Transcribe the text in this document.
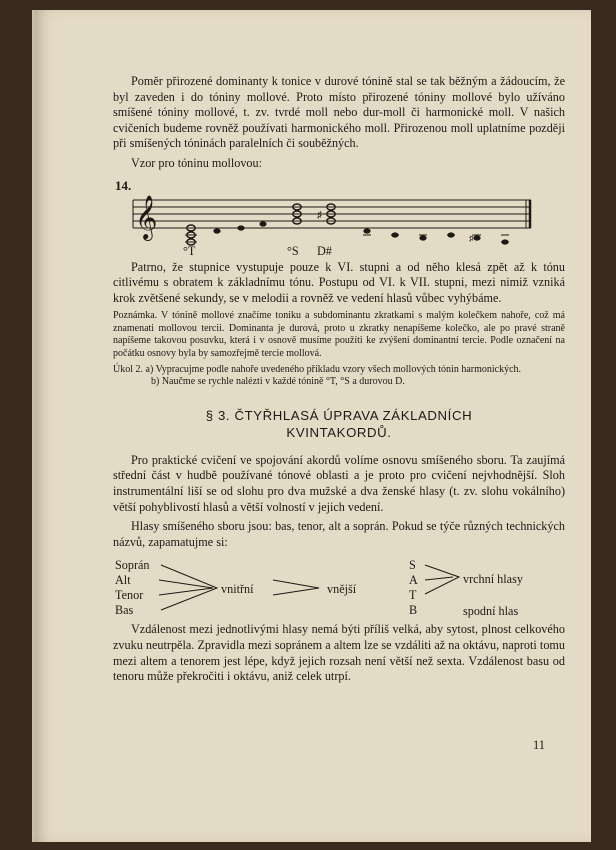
Poměr přirozené dominanty k tonice v durové tónině stal se tak běžným a žádoucím, že byl zaveden i do tóniny mollové. Proto místo přirozené tóniny mollové bylo užíváno smíšené tóniny mollové, t. zv. tvrdé moll nebo dur-moll či harmonické moll. V našich cvičeních budeme rovněž používati harmonického moll. Přirozenou moll uplatníme později při smíšených tóninách paralelních či souběžných.

Vzor pro tóninu mollovou:

14.
𝄞	♯
♯
°T	°S D#

Patrno, že stupnice vystupuje pouze k VI. stupni a od něho klesá zpět až k tónu citlivému s obratem k základnímu tónu. Postupu od VI. k VII. stupni, mezi nimiž vzniká krok zvětšené sekundy, se v melodii a rovněž ve vedení hlasů vůbec vyhýbáme.

Poznámka. V tónině mollové značíme toniku a subdominantu zkratkami s malým kolečkem nahoře, což má znamenati mollovou tercii. Dominanta je durová, proto u zkratky nenapíšeme kolečko, ale po pravé straně napíšeme takovou posuvku, která i v osnově musíme použíti ke zvýšení dominantní tercie. Podle označení na počátku osnovy byla by samozřejmě tercie mollová.

Úkol 2. a) Vypracujme podle nahoře uvedeného příkladu vzory všech mollových tónin harmonických.

b) Naučme se rychle nalézti v každé tónině °T, °S a durovou D.

§ 3. ČTYŘHLASÁ ÚPRAVA ZÁKLADNÍCH
KVINTAKORDŮ.

Pro praktické cvičení ve spojování akordů volíme osnovu smíšeného sboru. Ta zaujímá střední část v hudbě používané tónové oblasti a je proto pro cvičení nejvhodnější. Sloh instrumentální liší se od slohu pro dva mužské a dva ženské hlasy (t. zv. slohu vokálního) větší pohyblivostí hlasů a větší volností v jejich vedení.

Hlasy smíšeného sboru jsou: bas, tenor, alt a soprán. Pokud se týče různých technických názvů, zapamatujme si:

Soprán
Alt
Tenor
Bas
vnitřní	vnější
S
A
T
B
vrchní hlasy
spodní hlas

Vzdálenost mezi jednotlivými hlasy nemá býti příliš velká, aby sytost, plnost celkového zvuku neutrpěla. Zpravidla mezi sopránem a altem lze se vzdáliti až na oktávu, naproti tomu mezi altem a tenorem jest lépe, když jejich rozsah není větší než sexta. Vzdálenost basu od tenoru může překročiti i oktávu, aniž celek utrpí.

11
